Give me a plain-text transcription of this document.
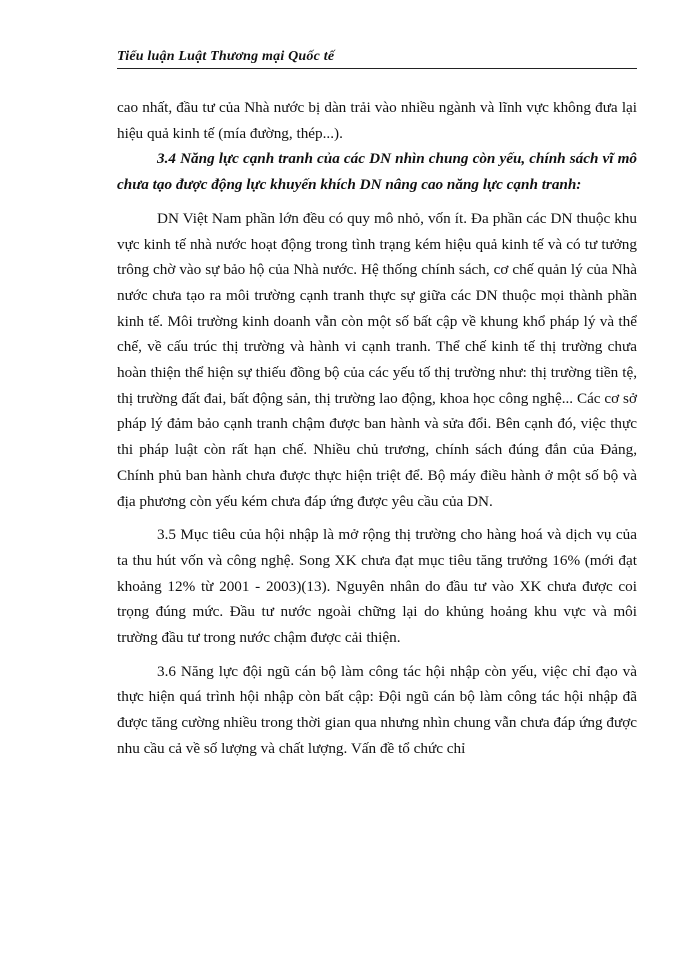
Tiểu luận Luật Thương mại Quốc tế

cao nhất, đầu tư của Nhà nước bị dàn trải vào nhiều ngành và lĩnh vực không đưa lại hiệu quả kinh tế (mía đường, thép...).

3.4 Năng lực cạnh tranh của các DN nhìn chung còn yếu, chính sách vĩ mô chưa tạo được động lực khuyến khích DN nâng cao năng lực cạnh tranh:

DN Việt Nam phần lớn đều có quy mô nhỏ, vốn ít. Đa phần các DN thuộc khu vực kinh tế nhà nước hoạt động trong tình trạng kém hiệu quả kinh tế và có tư tưởng trông chờ vào sự bảo hộ của Nhà nước. Hệ thống chính sách, cơ chế quản lý của Nhà nước chưa tạo ra môi trường cạnh tranh thực sự giữa các DN thuộc mọi thành phần kinh tế. Môi trường kinh doanh vẫn còn một số bất cập về khung khổ pháp lý và thể chế, về cấu trúc thị trường và hành vi cạnh tranh. Thể chế kinh tế thị trường chưa hoàn thiện thể hiện sự thiếu đồng bộ của các yếu tố thị trường như: thị trường tiền tệ, thị trường đất đai, bất động sản, thị trường lao động, khoa học công nghệ... Các cơ sở pháp lý đảm bảo cạnh tranh chậm được ban hành và sửa đổi. Bên cạnh đó, việc thực thi pháp luật còn rất hạn chế. Nhiều chủ trương, chính sách đúng đắn của Đảng, Chính phủ ban hành chưa được thực hiện triệt để. Bộ máy điều hành ở một số bộ và địa phương còn yếu kém chưa đáp ứng được yêu cầu của DN.

3.5 Mục tiêu của hội nhập là mở rộng thị trường cho hàng hoá và dịch vụ của ta thu hút vốn và công nghệ. Song XK chưa đạt mục tiêu tăng trưởng 16% (mới đạt khoảng 12% từ 2001 - 2003)(13). Nguyên nhân do đầu tư vào XK chưa được coi trọng đúng mức. Đầu tư nước ngoài chững lại do khủng hoảng khu vực và môi trường đầu tư trong nước chậm được cải thiện.

3.6 Năng lực đội ngũ cán bộ làm công tác hội nhập còn yếu, việc chỉ đạo và thực hiện quá trình hội nhập còn bất cập: Đội ngũ cán bộ làm công tác hội nhập đã được tăng cường nhiều trong thời gian qua nhưng nhìn chung vẫn chưa đáp ứng được nhu cầu cả về số lượng và chất lượng. Vấn đề tổ chức chỉ
